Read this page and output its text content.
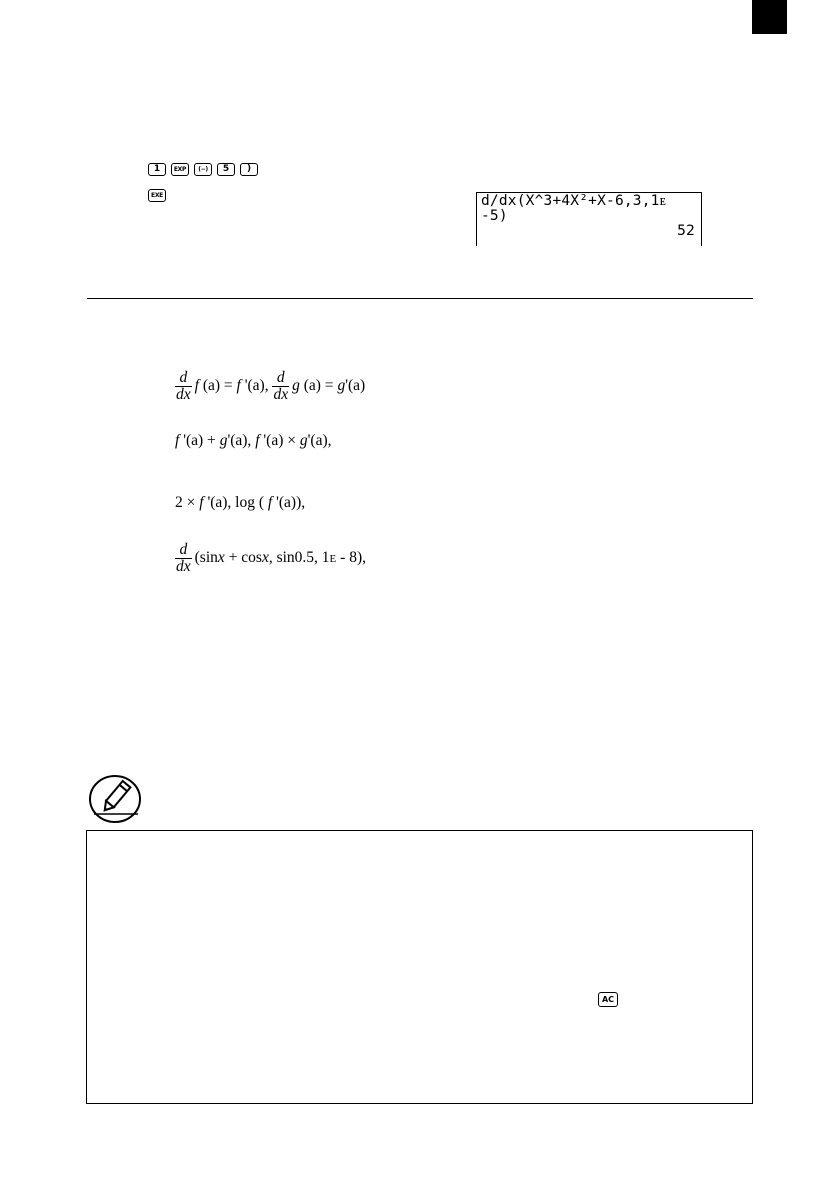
1	EXP	(−)	5	)
EXE	d/dx(X^3+4X²+X-6,3,1ᴇ
-5)
52
$\frac{d}{dx}$ f (a) = f '(a), $\frac{d}{dx}$ g (a) = g'(a)
f '(a) + g'(a), f '(a) × g'(a),
2 × f '(a), log ( f '(a)),
$\frac{d}{dx} (\sin x + \cos x$, sin0.5, 1E - 8),
AC
